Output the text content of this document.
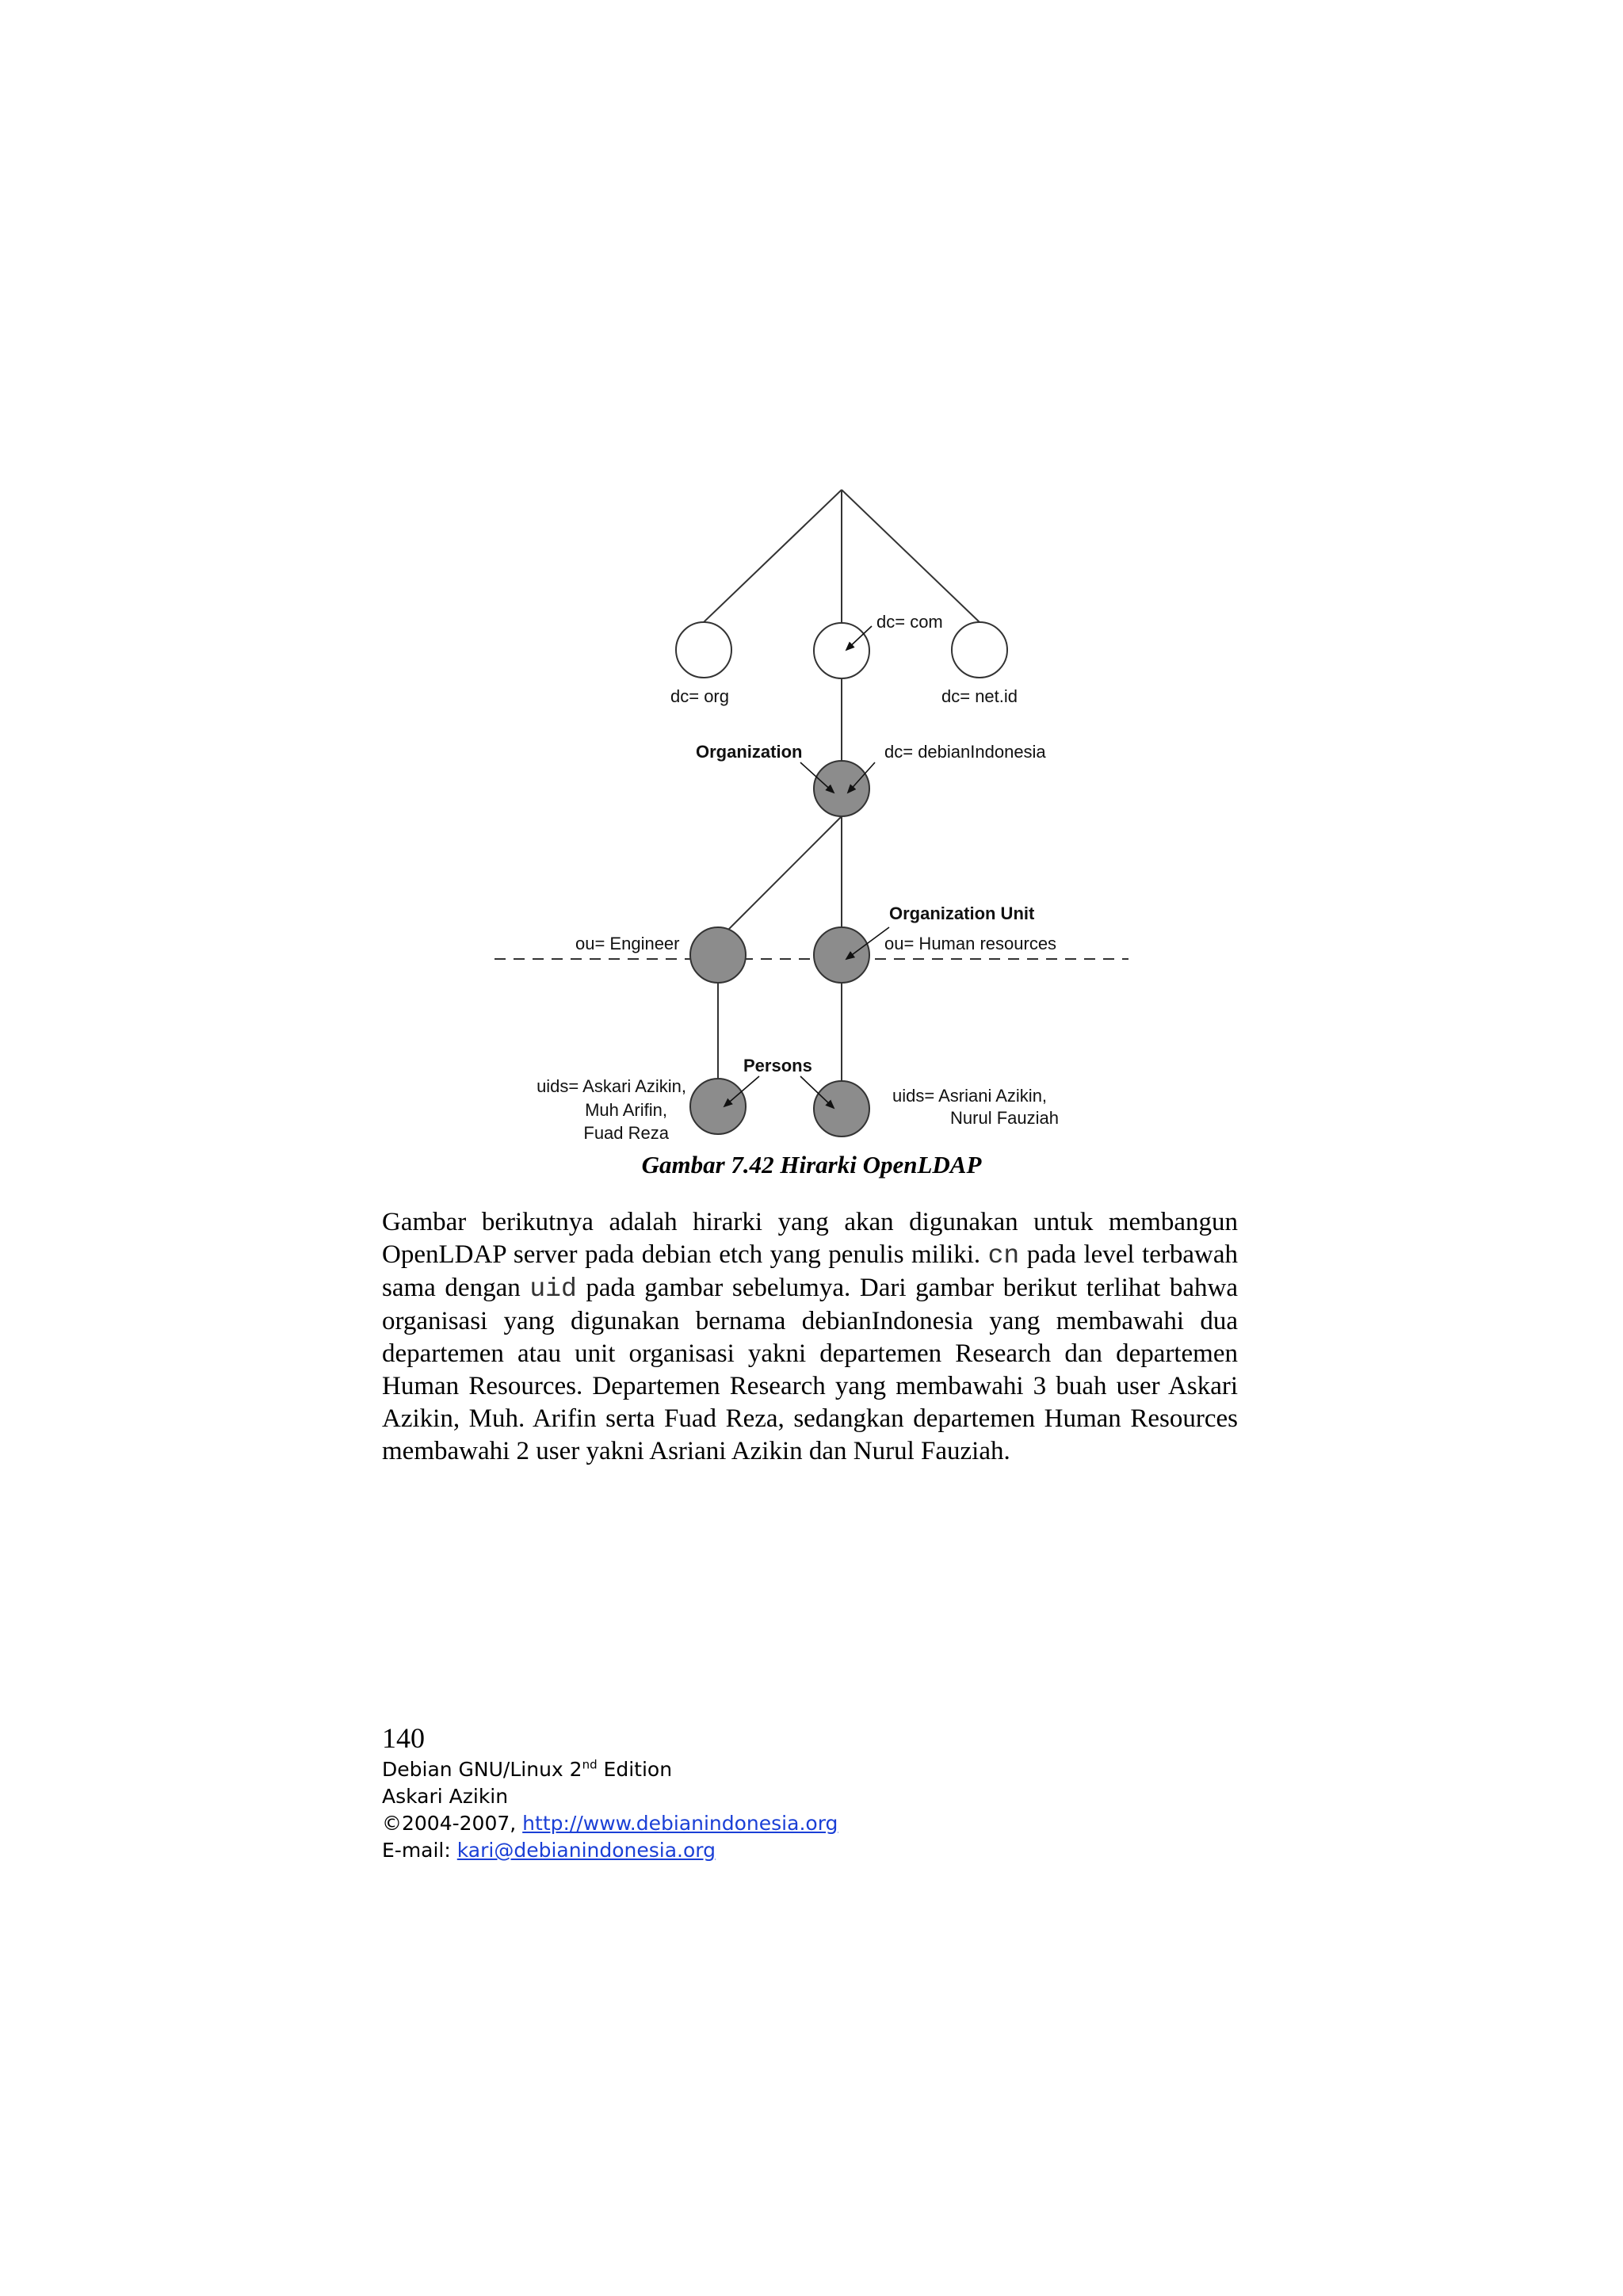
dc= com
dc= org	dc= net.id
Organization	dc= debianIndonesia
Organization Unit
ou= Engineer	ou= Human resources
Persons
uids= Askari Azikin,
Muh Arifin,
Fuad Reza
uids= Asriani Azikin,
Nurul Fauziah
Gambar 7.42 Hirarki OpenLDAP

Gambar berikutnya adalah hirarki yang akan digunakan untuk membangun OpenLDAP server pada debian etch yang penulis miliki. cn pada level terbawah sama dengan uid pada gambar sebelumya. Dari gambar berikut terlihat bahwa organisasi yang digunakan bernama debianIndonesia yang membawahi dua departemen atau unit organisasi yakni departemen Research dan departemen Human Resources. Departemen Research yang membawahi 3 buah user Askari Azikin, Muh. Arifin serta Fuad Reza, sedangkan departemen Human Resources membawahi 2 user yakni Asriani Azikin dan Nurul Fauziah.

140
Debian GNU/Linux 2nd Edition
Askari Azikin
©2004-2007, http://www.debianindonesia.org
E-mail: kari@debianindonesia.org
